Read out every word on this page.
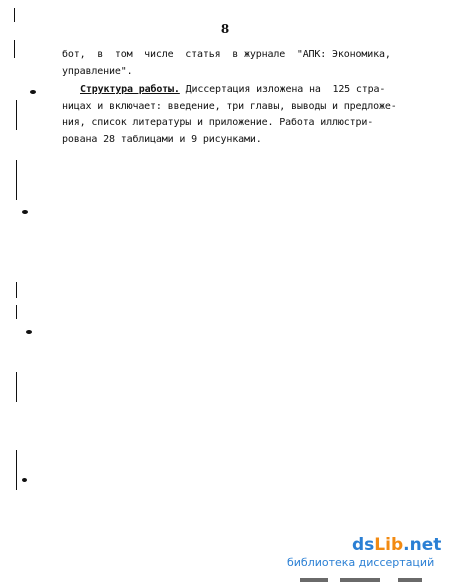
8
бот,  в  том  числе  статья  в журнале  "АПК: Экономика,
управление".
Структура работы. Диссертация изложена на  125 стра-
ницах и включает: введение, три главы, выводы и предложе-
ния, список литературы и приложение. Работа иллюстри-
рована 28 таблицами и 9 рисунками.
dsLib.net
библиотека диссертаций
